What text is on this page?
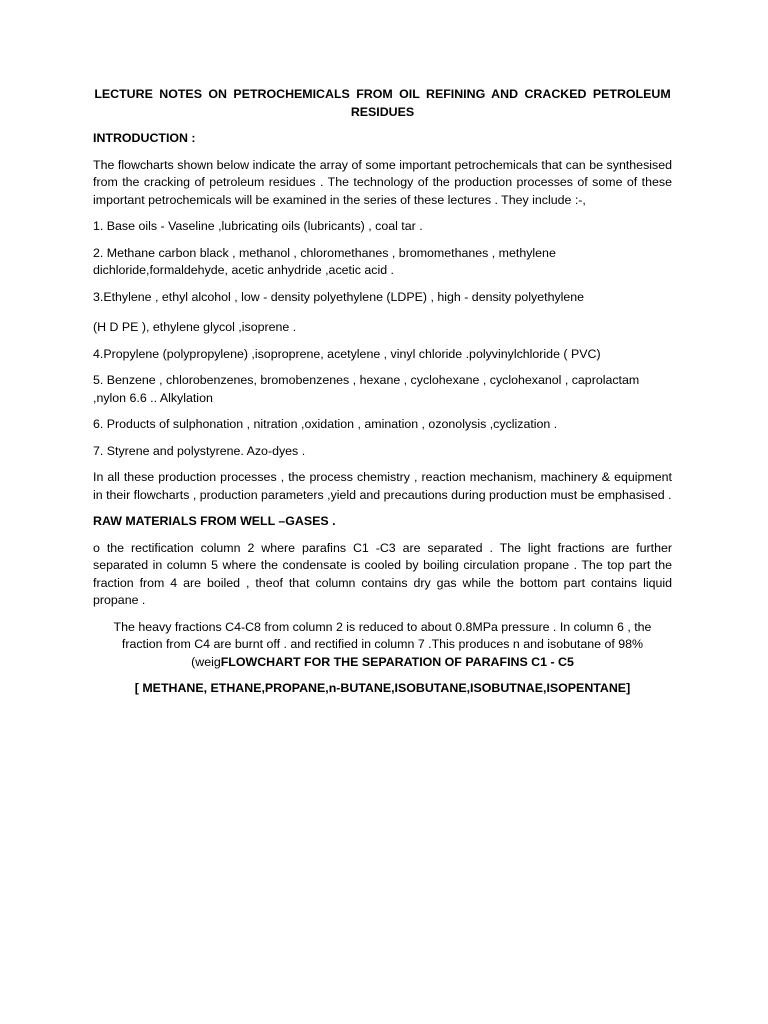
LECTURE NOTES ON PETROCHEMICALS FROM OIL REFINING AND CRACKED PETROLEUM RESIDUES

INTRODUCTION :

The flowcharts shown below indicate the array of some important petrochemicals that can be synthesised from the cracking of petroleum residues . The technology of the production processes of some of these important petrochemicals will be examined in the series of these lectures . They include :-,

1. Base oils - Vaseline ,lubricating oils (lubricants) , coal tar .

2. Methane carbon black , methanol , chloromethanes , bromomethanes , methylene dichloride,formaldehyde, acetic anhydride ,acetic acid .

3.Ethylene , ethyl alcohol , low - density polyethylene (LDPE) , high - density polyethylene

(H D PE ), ethylene glycol ,isoprene .

4.Propylene (polypropylene) ,isoproprene, acetylene , vinyl chloride .polyvinylchloride ( PVC)

5. Benzene , chlorobenzenes, bromobenzenes , hexane , cyclohexane , cyclohexanol , caprolactam ,nylon 6.6 .. Alkylation

6. Products of sulphonation , nitration ,oxidation , amination , ozonolysis ,cyclization .

7. Styrene and polystyrene. Azo-dyes .

In all these production processes , the process chemistry , reaction mechanism, machinery & equipment in their flowcharts , production parameters ,yield and precautions during production must be emphasised .

RAW MATERIALS FROM WELL –GASES .

o the rectification column 2 where parafins C1 -C3 are separated . The light fractions are further separated in column 5 where the condensate is cooled by boiling circulation propane . The top part the fraction from 4 are boiled , theof that column contains dry gas while the bottom part contains liquid propane .

The heavy fractions C4-C8 from column 2 is reduced to about 0.8MPa pressure . In column 6 , the fraction from C4 are burnt off . and rectified in column 7 .This produces n and isobutane of 98% (weigFLOWCHART FOR THE SEPARATION OF PARAFINS C1 - C5

[ METHANE, ETHANE,PROPANE,n-BUTANE,ISOBUTANE,ISOBUTNAE,ISOPENTANE]
